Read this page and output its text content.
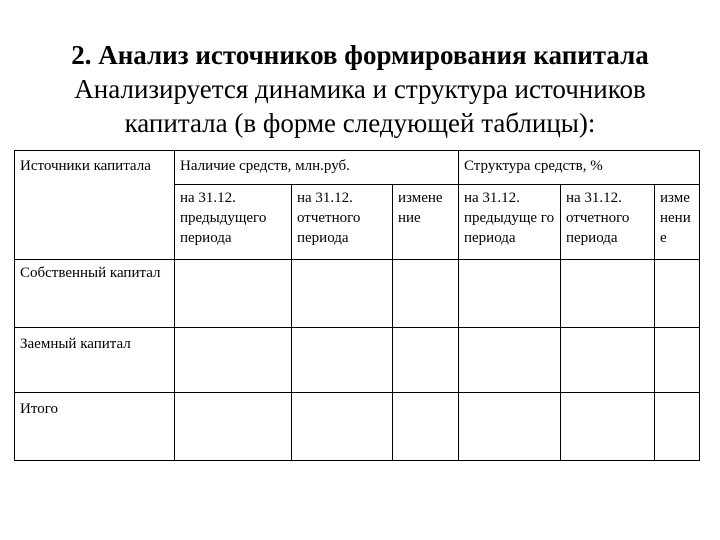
2. Анализ источников формирования капитала
Анализируется динамика и структура источников
капитала (в форме следующей таблицы):
Источники капитала	Наличие средств, млн.руб.			Структура средств, %		
	на 31.12. предыдущего периода	на 31.12. отчетного периода	измене ние	на 31.12. предыдуще го периода	на 31.12. отчетного периода	изме нени е
Собственный капитал						
Заемный капитал						
Итого						
